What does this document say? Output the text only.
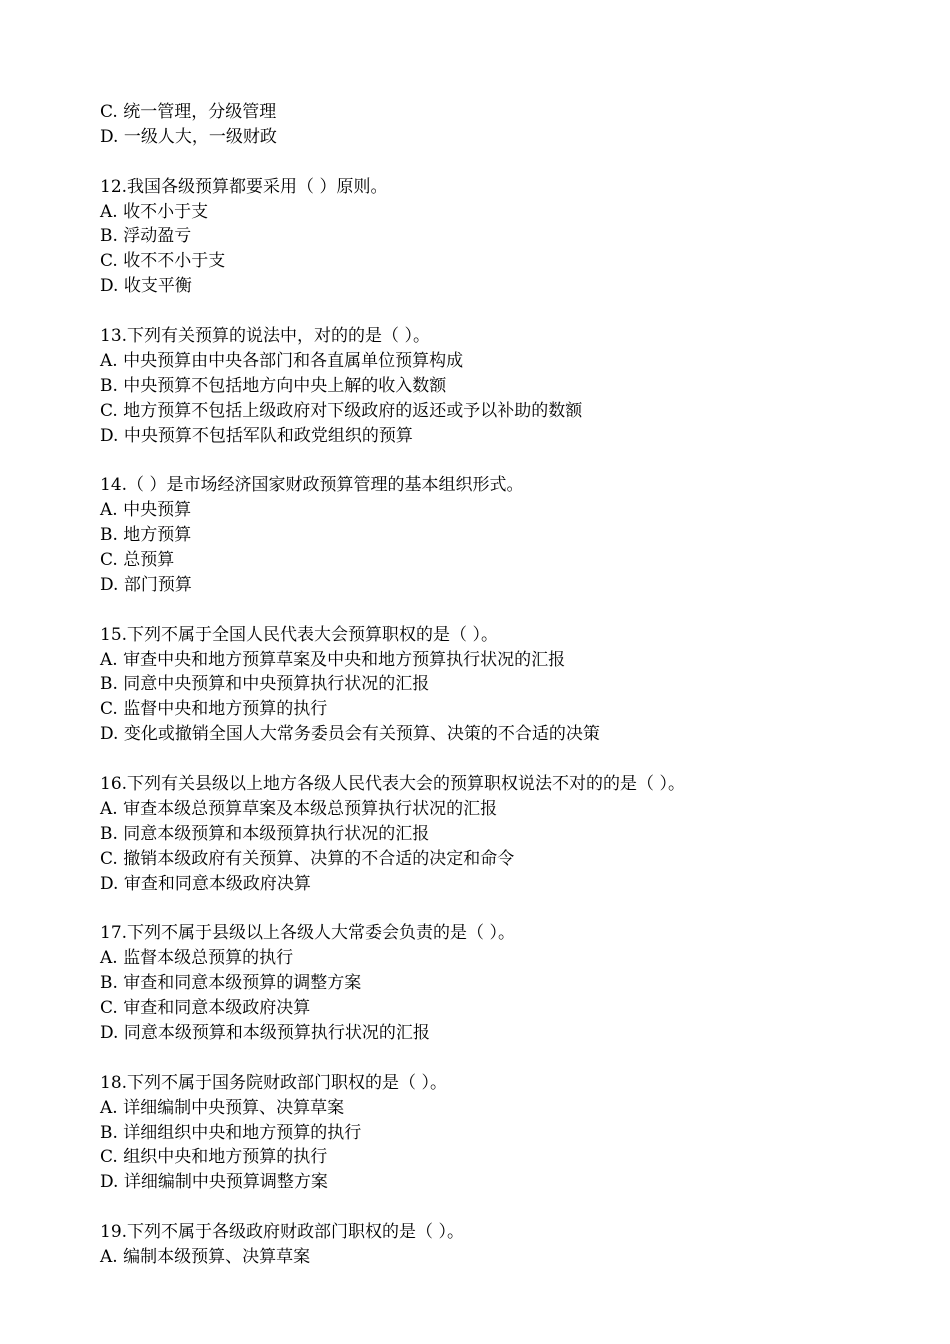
C. 统一管理，分级管理
D. 一级人大，一级财政
12.我国各级预算都要采用（ ）原则。
A. 收不小于支
B. 浮动盈亏
C. 收不不小于支
D. 收支平衡
13.下列有关预算的说法中，对的的是（ ）。
A. 中央预算由中央各部门和各直属单位预算构成
B. 中央预算不包括地方向中央上解的收入数额
C. 地方预算不包括上级政府对下级政府的返还或予以补助的数额
D. 中央预算不包括军队和政党组织的预算
14.（ ）是市场经济国家财政预算管理的基本组织形式。
A. 中央预算
B. 地方预算
C. 总预算
D. 部门预算
15.下列不属于全国人民代表大会预算职权的是（ ）。
A. 审查中央和地方预算草案及中央和地方预算执行状况的汇报
B. 同意中央预算和中央预算执行状况的汇报
C. 监督中央和地方预算的执行
D. 变化或撤销全国人大常务委员会有关预算、决策的不合适的决策
16.下列有关县级以上地方各级人民代表大会的预算职权说法不对的的是（ ）。
A. 审查本级总预算草案及本级总预算执行状况的汇报
B. 同意本级预算和本级预算执行状况的汇报
C. 撤销本级政府有关预算、决算的不合适的决定和命令
D. 审查和同意本级政府决算
17.下列不属于县级以上各级人大常委会负责的是（ ）。
A. 监督本级总预算的执行
B. 审查和同意本级预算的调整方案
C. 审查和同意本级政府决算
D. 同意本级预算和本级预算执行状况的汇报
18.下列不属于国务院财政部门职权的是（ ）。
A. 详细编制中央预算、决算草案
B. 详细组织中央和地方预算的执行
C. 组织中央和地方预算的执行
D. 详细编制中央预算调整方案
19.下列不属于各级政府财政部门职权的是（ ）。
A. 编制本级预算、决算草案
